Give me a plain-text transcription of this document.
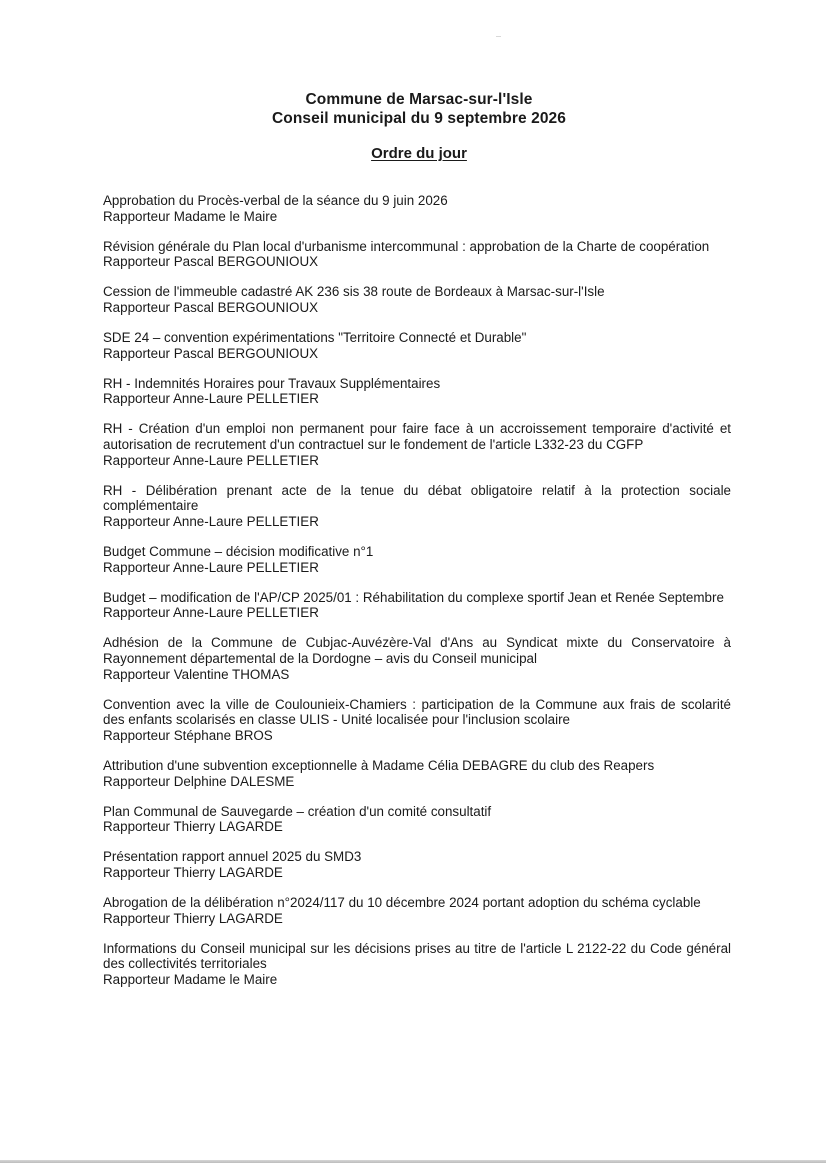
Commune de Marsac-sur-l'Isle
Conseil municipal du 9 septembre 2026
Ordre du jour
Approbation du Procès-verbal de la séance du 9 juin 2026
Rapporteur Madame le Maire
Révision générale du Plan local d'urbanisme intercommunal : approbation de la Charte de coopération
Rapporteur Pascal BERGOUNIOUX
Cession de l'immeuble cadastré AK 236 sis 38 route de Bordeaux à Marsac-sur-l'Isle
Rapporteur Pascal BERGOUNIOUX
SDE 24 – convention expérimentations "Territoire Connecté et Durable"
Rapporteur Pascal BERGOUNIOUX
RH - Indemnités Horaires pour Travaux Supplémentaires
Rapporteur Anne-Laure PELLETIER
RH - Création d'un emploi non permanent pour faire face à un accroissement temporaire d'activité et autorisation de recrutement d'un contractuel sur le fondement de l'article L332-23 du CGFP
Rapporteur Anne-Laure PELLETIER
RH - Délibération prenant acte de la tenue du débat obligatoire relatif à la protection sociale complémentaire
Rapporteur Anne-Laure PELLETIER
Budget Commune – décision modificative n°1
Rapporteur Anne-Laure PELLETIER
Budget – modification de l'AP/CP 2025/01 : Réhabilitation du complexe sportif Jean et Renée Septembre
Rapporteur Anne-Laure PELLETIER
Adhésion de la Commune de Cubjac-Auvézère-Val d'Ans au Syndicat mixte du Conservatoire à Rayonnement départemental de la Dordogne – avis du Conseil municipal
Rapporteur Valentine THOMAS
Convention avec la ville de Coulounieix-Chamiers : participation de la Commune aux frais de scolarité des enfants scolarisés en classe ULIS - Unité localisée pour l'inclusion scolaire
Rapporteur Stéphane BROS
Attribution d'une subvention exceptionnelle à Madame Célia DEBAGRE du club des Reapers
Rapporteur Delphine DALESME
Plan Communal de Sauvegarde – création d'un comité consultatif
Rapporteur Thierry LAGARDE
Présentation rapport annuel 2025 du SMD3
Rapporteur Thierry LAGARDE
Abrogation de la délibération n°2024/117 du 10 décembre 2024 portant adoption du schéma cyclable
Rapporteur Thierry LAGARDE
Informations du Conseil municipal sur les décisions prises au titre de l'article L 2122-22 du Code général des collectivités territoriales
Rapporteur Madame le Maire
